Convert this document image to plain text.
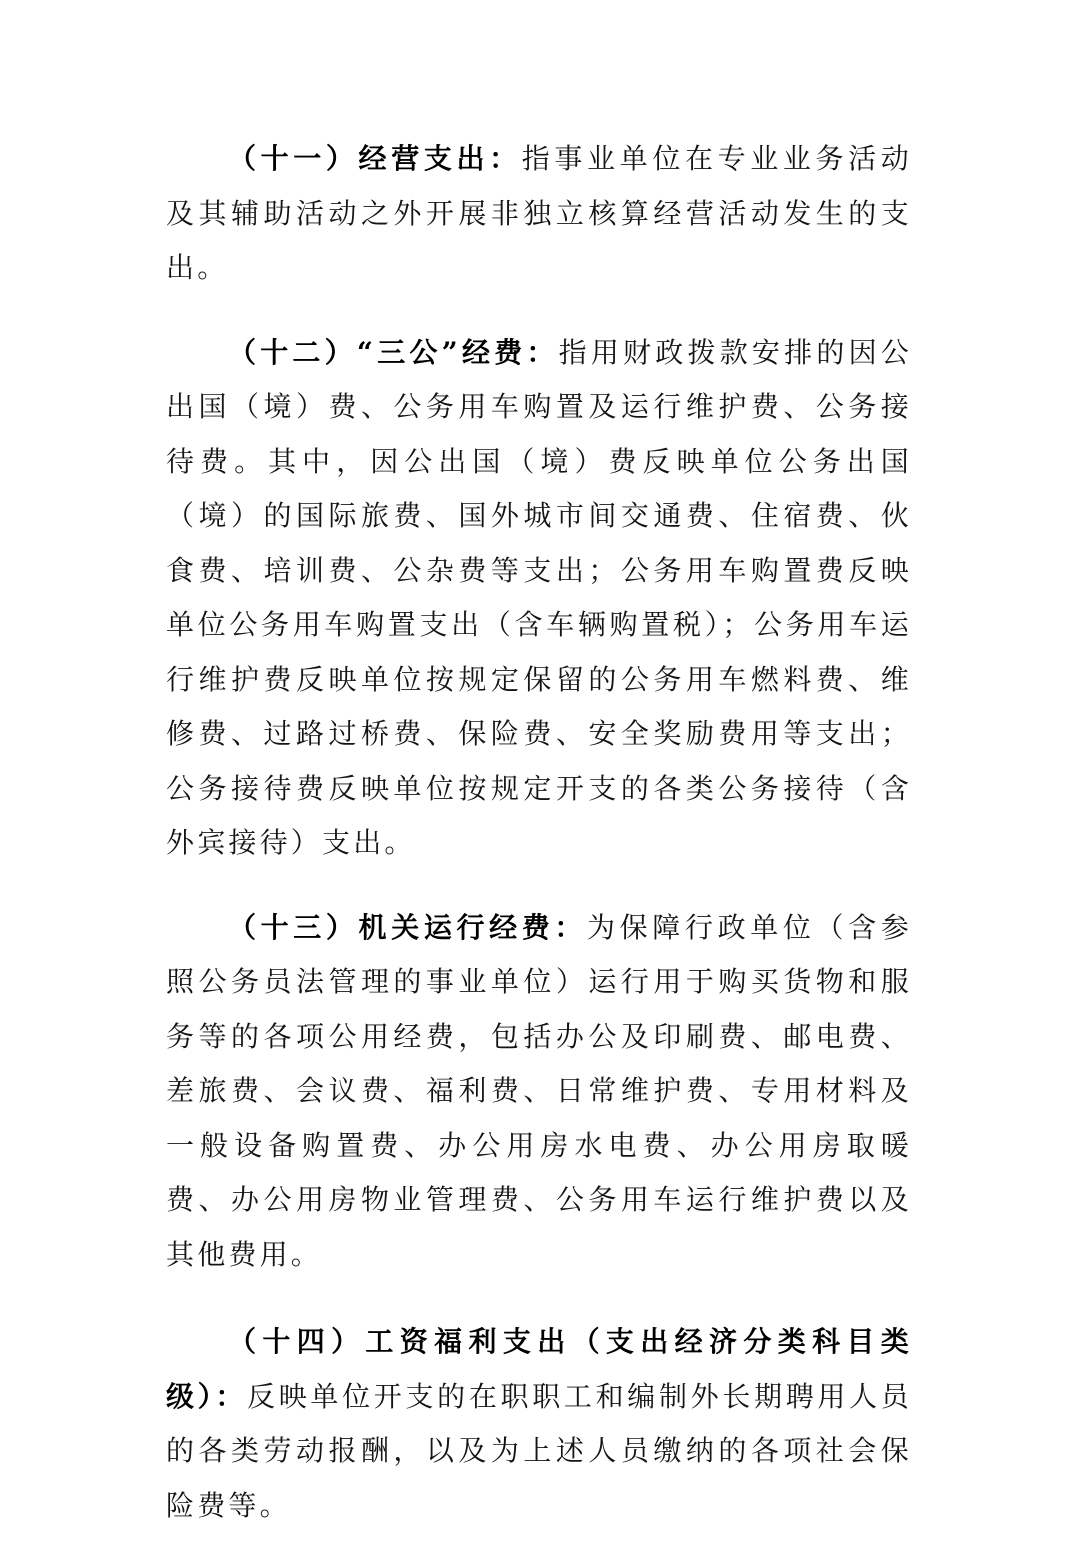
（十一）经营支出：指事业单位在专业业务活动及其辅助活动之外开展非独立核算经营活动发生的支出。

（十二）“三公”经费：指用财政拨款安排的因公出国（境）费、公务用车购置及运行维护费、公务接待费。其中，因公出国（境）费反映单位公务出国（境）的国际旅费、国外城市间交通费、住宿费、伙食费、培训费、公杂费等支出；公务用车购置费反映单位公务用车购置支出（含车辆购置税）；公务用车运行维护费反映单位按规定保留的公务用车燃料费、维修费、过路过桥费、保险费、安全奖励费用等支出；公务接待费反映单位按规定开支的各类公务接待（含外宾接待）支出。

（十三）机关运行经费：为保障行政单位（含参照公务员法管理的事业单位）运行用于购买货物和服务等的各项公用经费，包括办公及印刷费、邮电费、差旅费、会议费、福利费、日常维护费、专用材料及一般设备购置费、办公用房水电费、办公用房取暖费、办公用房物业管理费、公务用车运行维护费以及其他费用。

（十四）工资福利支出（支出经济分类科目类级）：反映单位开支的在职职工和编制外长期聘用人员的各类劳动报酬，以及为上述人员缴纳的各项社会保险费等。
